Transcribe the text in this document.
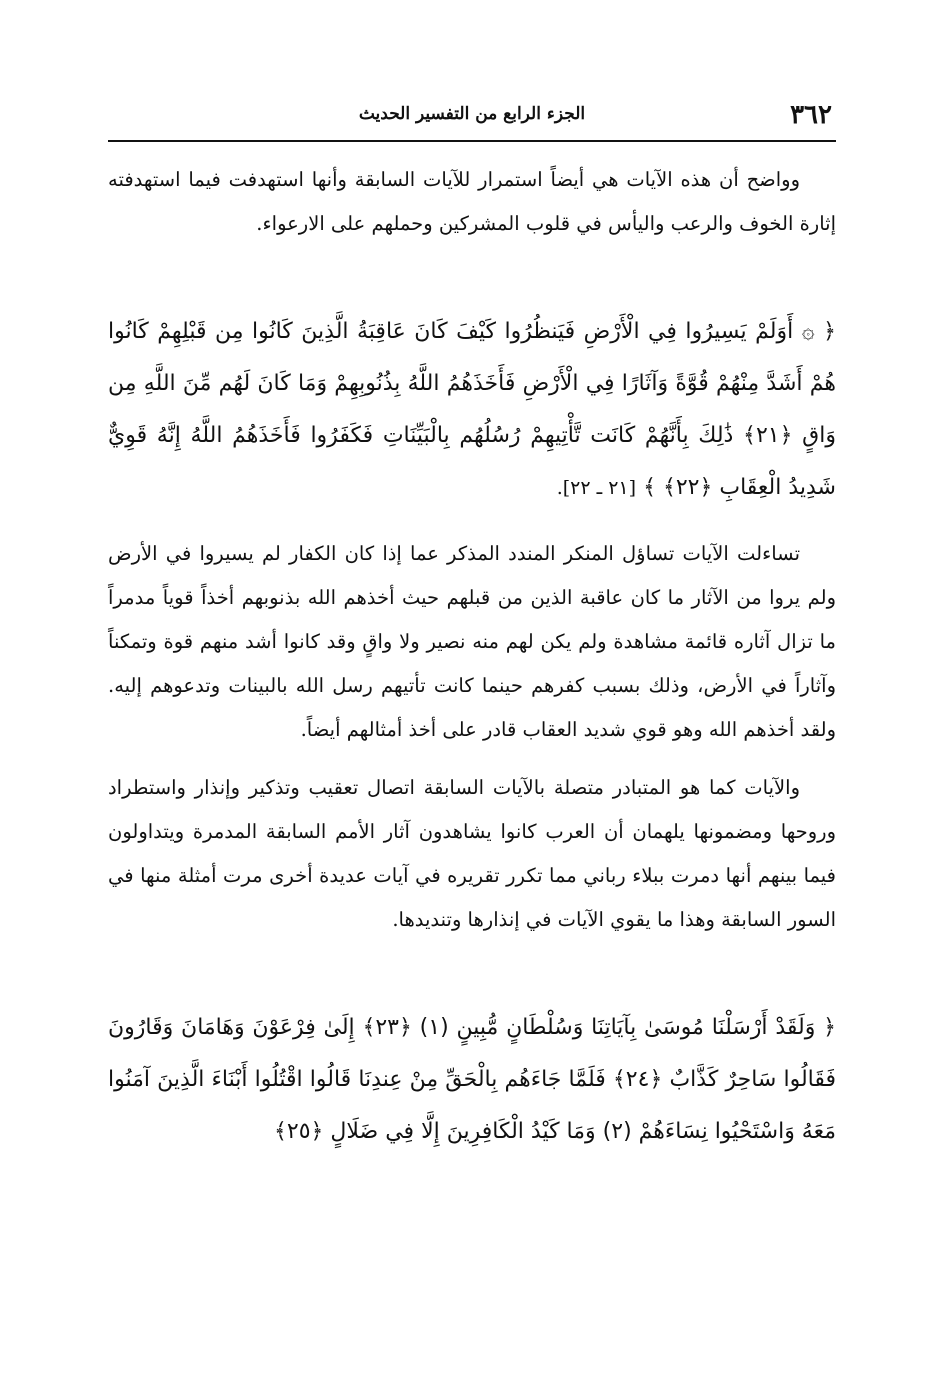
٣٦٢
الجزء الرابع من التفسير الحديث

وواضح أن هذه الآيات هي أيضاً استمرار للآيات السابقة وأنها استهدفت فيما استهدفته إثارة الخوف والرعب واليأس في قلوب المشركين وحملهم على الارعواء.

﴿ ۞ أَوَلَمْ يَسِيرُوا فِي الْأَرْضِ فَيَنظُرُوا كَيْفَ كَانَ عَاقِبَةُ الَّذِينَ كَانُوا مِن قَبْلِهِمْ كَانُوا هُمْ أَشَدَّ مِنْهُمْ قُوَّةً وَآثَارًا فِي الْأَرْضِ فَأَخَذَهُمُ اللَّهُ بِذُنُوبِهِمْ وَمَا كَانَ لَهُم مِّنَ اللَّهِ مِن وَاقٍ ﴿٢١﴾ ذَٰلِكَ بِأَنَّهُمْ كَانَت تَّأْتِيهِمْ رُسُلُهُم بِالْبَيِّنَاتِ فَكَفَرُوا فَأَخَذَهُمُ اللَّهُ إِنَّهُ قَوِيٌّ شَدِيدُ الْعِقَابِ ﴿٢٢﴾ ﴾ [٢١ ـ ٢٢].

تساءلت الآيات تساؤل المنكر المندد المذكر عما إذا كان الكفار لم يسيروا في الأرض ولم يروا من الآثار ما كان عاقبة الذين من قبلهم حيث أخذهم الله بذنوبهم أخذاً قوياً مدمراً ما تزال آثاره قائمة مشاهدة ولم يكن لهم منه نصير ولا واقٍ وقد كانوا أشد منهم قوة وتمكناً وآثاراً في الأرض، وذلك بسبب كفرهم حينما كانت تأتيهم رسل الله بالبينات وتدعوهم إليه. ولقد أخذهم الله وهو قوي شديد العقاب قادر على أخذ أمثالهم أيضاً.

والآيات كما هو المتبادر متصلة بالآيات السابقة اتصال تعقيب وتذكير وإنذار واستطراد وروحها ومضمونها يلهمان أن العرب كانوا يشاهدون آثار الأمم السابقة المدمرة ويتداولون فيما بينهم أنها دمرت ببلاء رباني مما تكرر تقريره في آيات عديدة أخرى مرت أمثلة منها في السور السابقة وهذا ما يقوي الآيات في إنذارها وتنديدها.

﴿ وَلَقَدْ أَرْسَلْنَا مُوسَىٰ بِآيَاتِنَا وَسُلْطَانٍ مُّبِينٍ (١) ﴿٢٣﴾ إِلَىٰ فِرْعَوْنَ وَهَامَانَ وَقَارُونَ فَقَالُوا سَاحِرٌ كَذَّابٌ ﴿٢٤﴾ فَلَمَّا جَاءَهُم بِالْحَقِّ مِنْ عِندِنَا قَالُوا اقْتُلُوا أَبْنَاءَ الَّذِينَ آمَنُوا مَعَهُ وَاسْتَحْيُوا نِسَاءَهُمْ (٢) وَمَا كَيْدُ الْكَافِرِينَ إِلَّا فِي ضَلَالٍ ﴿٢٥﴾
